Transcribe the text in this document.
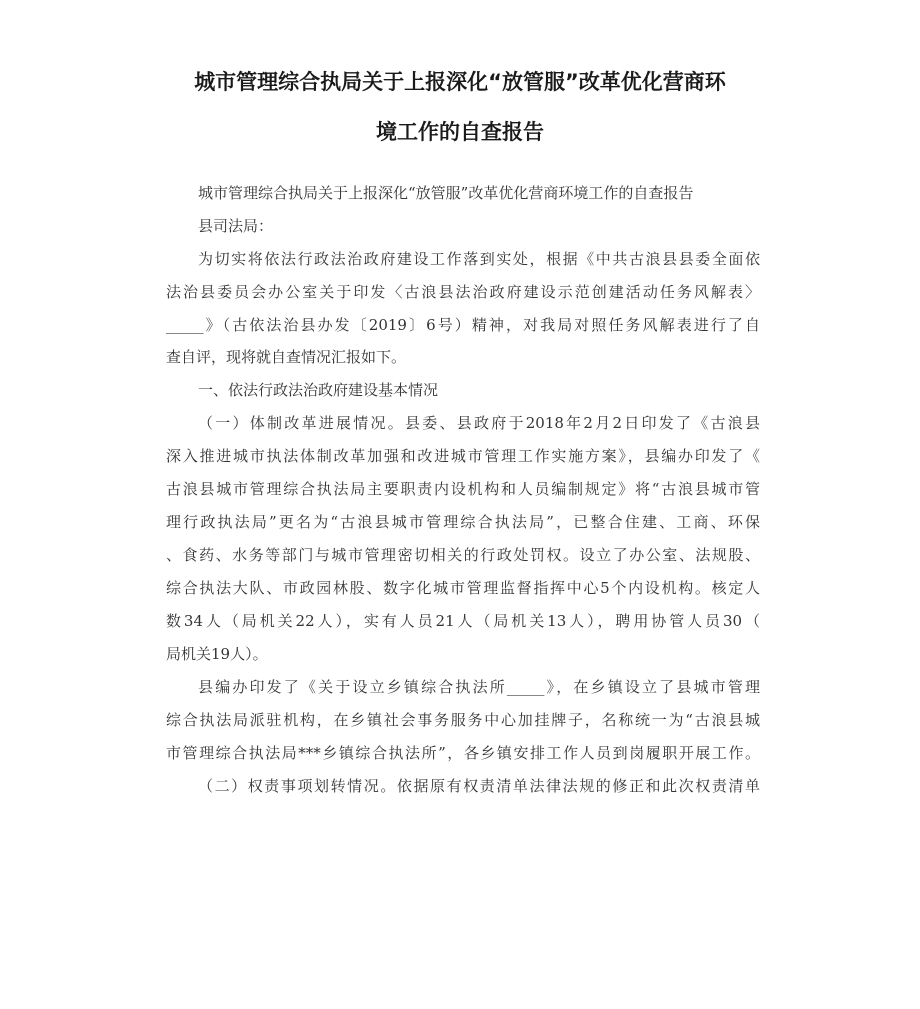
城市管理综合执局关于上报深化“放管服”改革优化营商环
境工作的自查报告
城市管理综合执局关于上报深化“放管服”改革优化营商环境工作的自查报告
县司法局：
为切实将依法行政法治政府建设工作落到实处，根据《中共古浪县县委全面依
法治县委员会办公室关于印发〈古浪县法治政府建设示范创建活动任务风解表〉
_____》（古依法治县办发〔2019〕6号）精神，对我局对照任务风解表进行了自
查自评，现将就自查情况汇报如下。
一、依法行政法治政府建设基本情况
（一）体制改革进展情况。县委、县政府于2018年2月2日印发了《古浪县
深入推进城市执法体制改革加强和改进城市管理工作实施方案》，县编办印发了《
古浪县城市管理综合执法局主要职责内设机构和人员编制规定》将“古浪县城市管
理行政执法局”更名为“古浪县城市管理综合执法局”，已整合住建、工商、环保
、食药、水务等部门与城市管理密切相关的行政处罚权。设立了办公室、法规股、
综合执法大队、市政园林股、数字化城市管理监督指挥中心5个内设机构。核定人
数34人（局机关22人），实有人员21人（局机关13人），聘用协管人员30（
局机关19人）。
县编办印发了《关于设立乡镇综合执法所_____》，在乡镇设立了县城市管理
综合执法局派驻机构，在乡镇社会事务服务中心加挂牌子，名称统一为“古浪县城
市管理综合执法局***乡镇综合执法所”，各乡镇安排工作人员到岗履职开展工作。
（二）权责事项划转情况。依据原有权责清单法律法规的修正和此次权责清单
